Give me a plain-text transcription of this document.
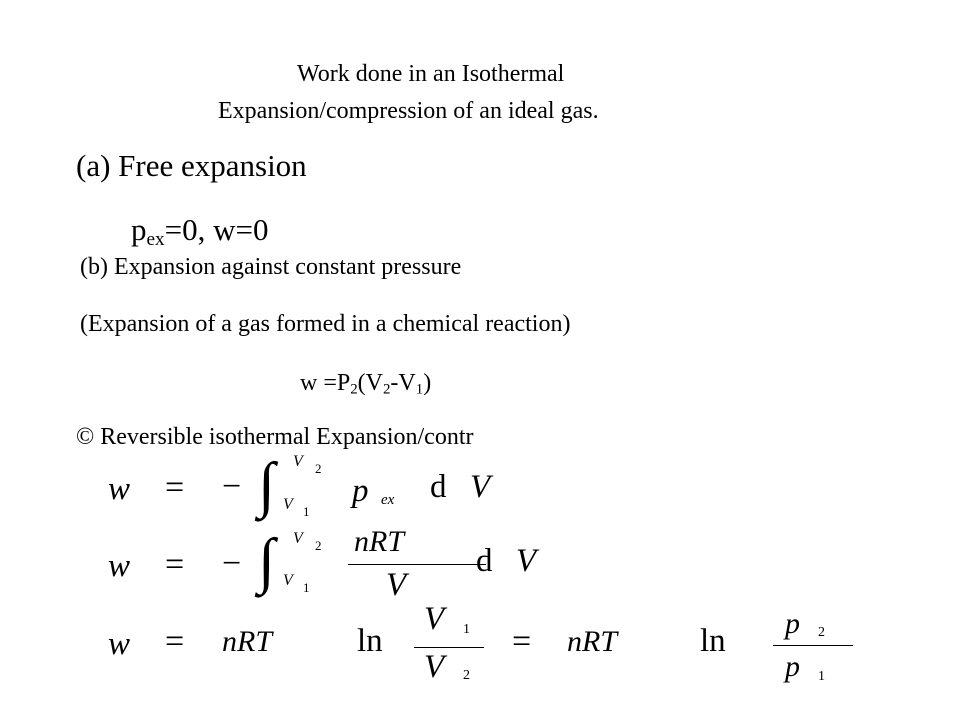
Work done in an Isothermal
Expansion/compression of an ideal gas.
(a) Free expansion
$p_{ex}=0$, w=0
(b) Expansion against constant pressure
(Expansion of a gas formed in a chemical reaction)
$w =P_2(V_2-V_1)$
© Reversible isothermal Expansion/contr
w = − ∫ V 2
V 1
p ex d V
w = − ∫ V 2
V 1
nRT
V
d V
w = nRT	ln
V 1
V 2
= nRT	ln p 2
p 1
